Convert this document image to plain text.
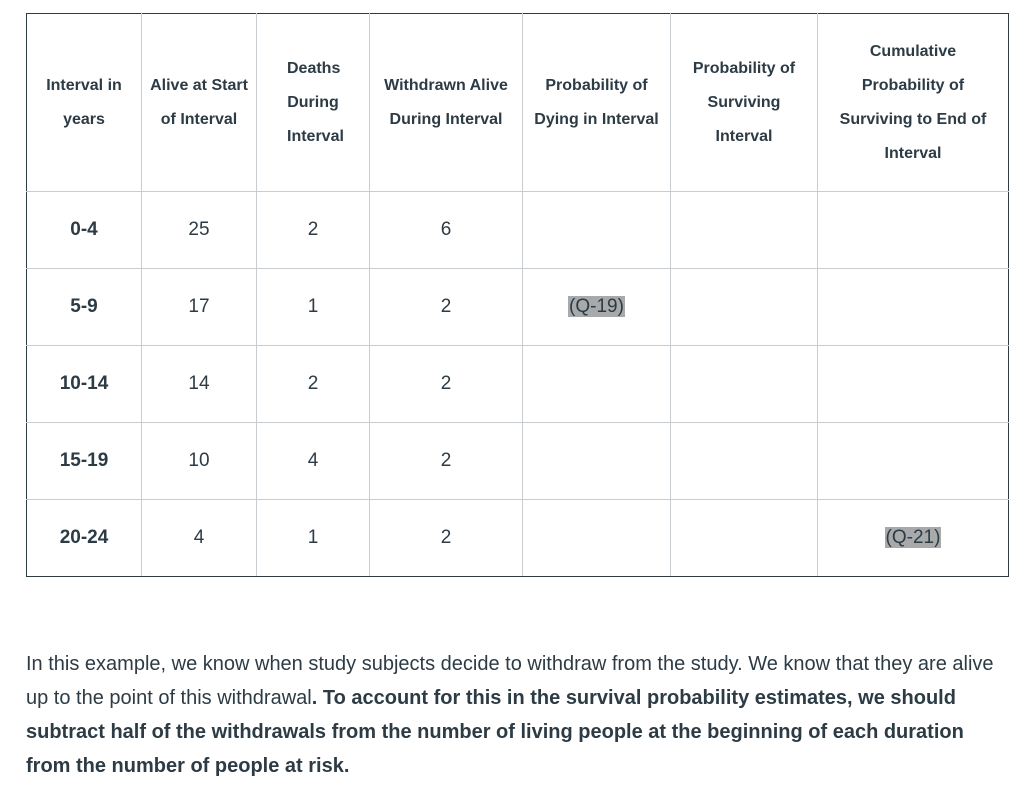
Interval in years	Alive at Start of Interval	Deaths During Interval	Withdrawn Alive During Interval	Probability of Dying in Interval	Probability of Surviving Interval	Cumulative Probability of Surviving to End of Interval
0-4	25	2	6			
5-9	17	1	2	(Q-19)		
10-14	14	2	2			
15-19	10	4	2			
20-24	4	1	2			(Q-21)

In this example, we know when study subjects decide to withdraw from the study. We know that they are alive up to the point of this withdrawal. To account for this in the survival probability estimates, we should subtract half of the withdrawals from the number of living people at the beginning of each duration from the number of people at risk.
